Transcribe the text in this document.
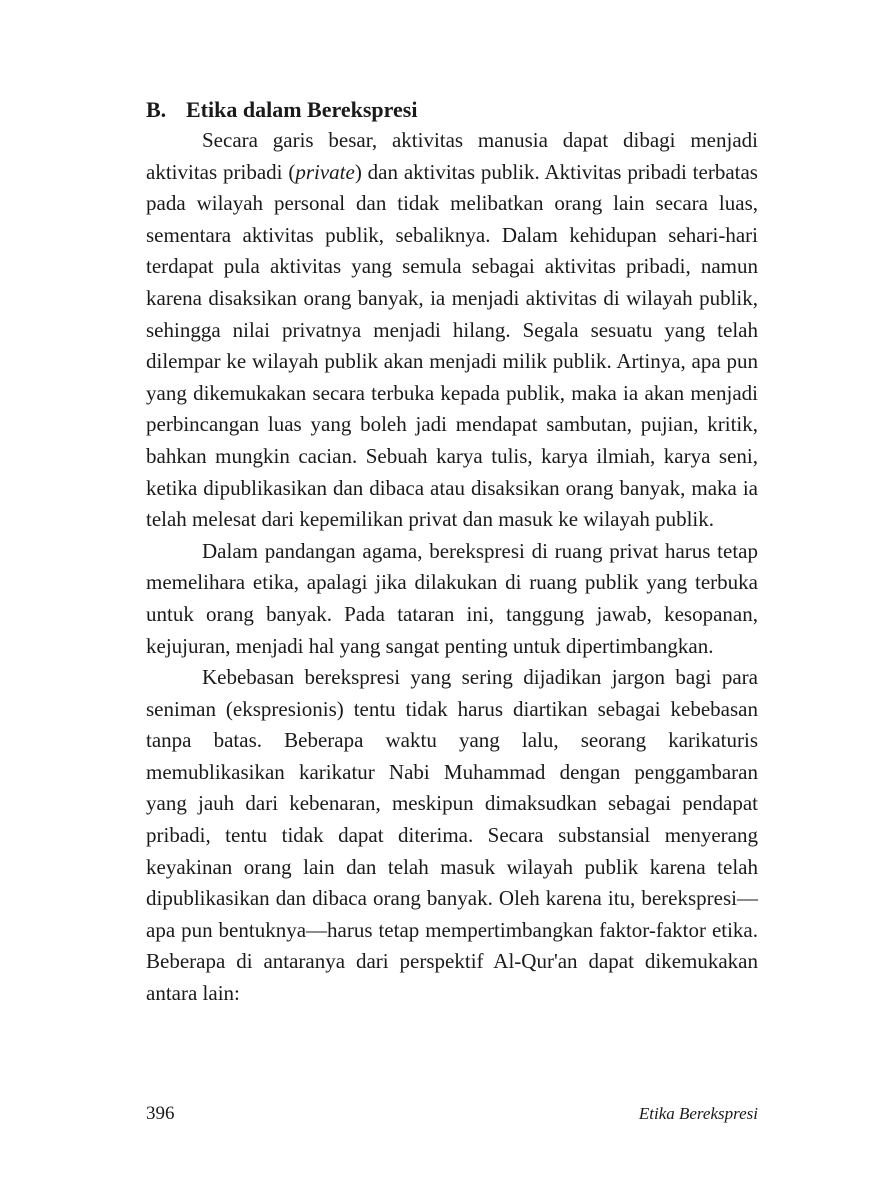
B. Etika dalam Berekspresi

Secara garis besar, aktivitas manusia dapat dibagi menjadi aktivitas pribadi (private) dan aktivitas publik. Aktivitas pribadi terbatas pada wilayah personal dan tidak melibatkan orang lain secara luas, sementara aktivitas publik, sebaliknya. Dalam kehidupan sehari-hari terdapat pula aktivitas yang semula sebagai aktivitas pribadi, namun karena disaksikan orang banyak, ia menjadi aktivitas di wilayah publik, sehingga nilai privatnya menjadi hilang. Segala sesuatu yang telah dilempar ke wilayah publik akan menjadi milik publik. Artinya, apa pun yang dikemukakan secara terbuka kepada publik, maka ia akan menjadi perbincangan luas yang boleh jadi mendapat sambutan, pujian, kritik, bahkan mungkin cacian. Sebuah karya tulis, karya ilmiah, karya seni, ketika dipublikasikan dan dibaca atau disaksikan orang banyak, maka ia telah melesat dari kepemilikan privat dan masuk ke wilayah publik.

Dalam pandangan agama, berekspresi di ruang privat harus tetap memelihara etika, apalagi jika dilakukan di ruang publik yang terbuka untuk orang banyak. Pada tataran ini, tanggung jawab, kesopanan, kejujuran, menjadi hal yang sangat penting untuk dipertimbangkan.

Kebebasan berekspresi yang sering dijadikan jargon bagi para seniman (ekspresionis) tentu tidak harus diartikan sebagai kebebasan tanpa batas. Beberapa waktu yang lalu, seorang karikaturis memublikasikan karikatur Nabi Muhammad dengan penggambaran yang jauh dari kebenaran, meskipun dimaksudkan sebagai pendapat pribadi, tentu tidak dapat diterima. Secara substansial menyerang keyakinan orang lain dan telah masuk wilayah publik karena telah dipublikasikan dan dibaca orang banyak. Oleh karena itu, berekspresi—apa pun bentuknya—harus tetap mempertimbangkan faktor-faktor etika. Beberapa di antaranya dari perspektif Al-Qur'an dapat dikemukakan antara lain:

396	Etika Berekspresi
